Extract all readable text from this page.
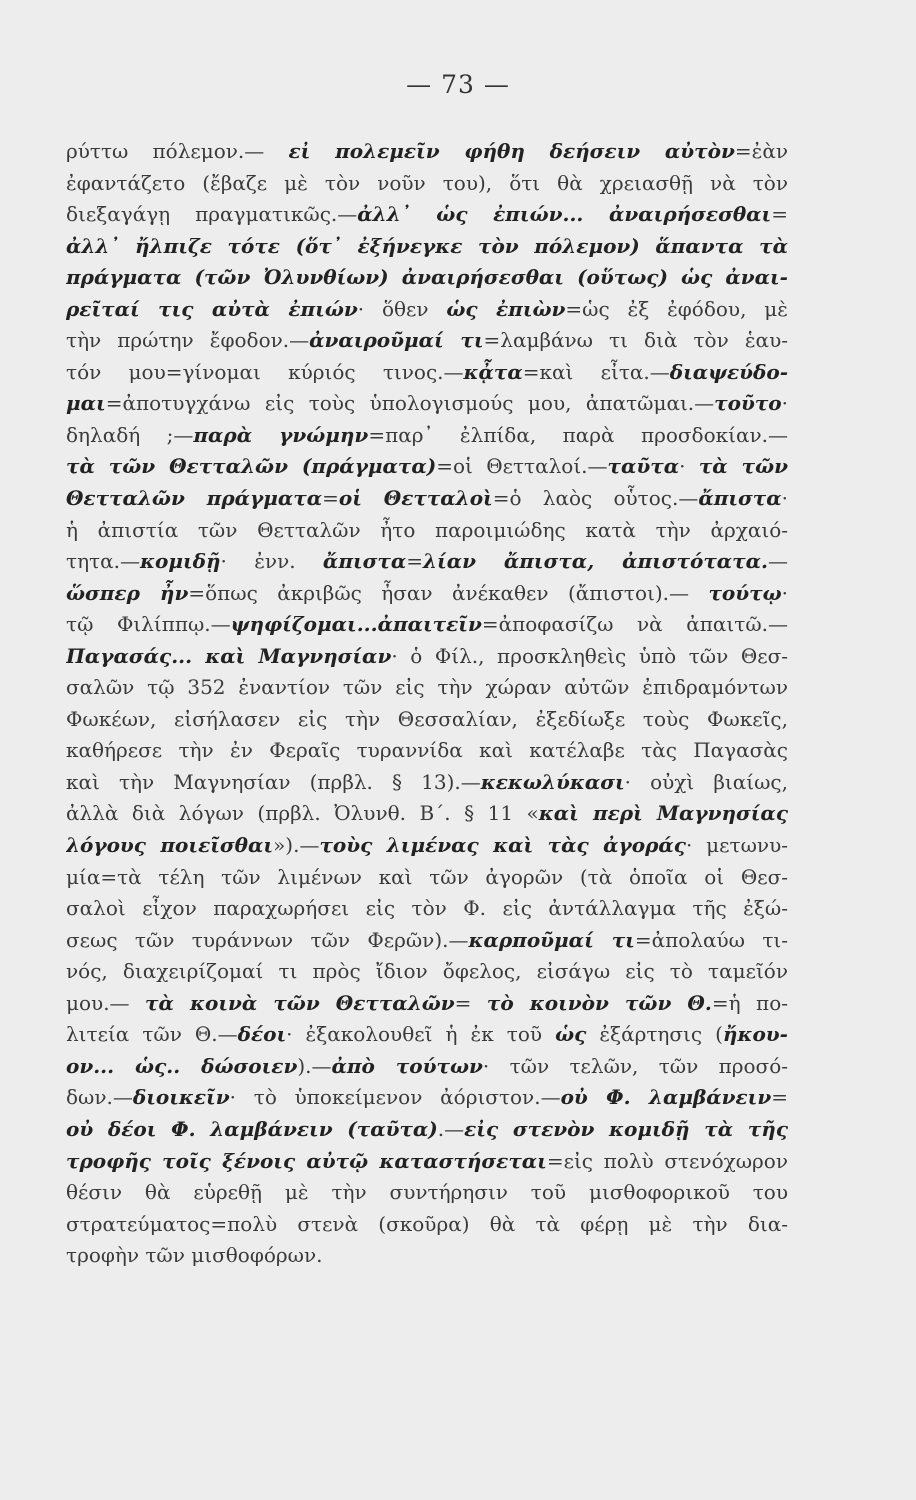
— 73 —
ρύττω πόλεμον.— εἰ πολεμεῖν φήθη δεήσειν αὐτὸν=ἐὰν
ἐφαντάζετο (ἔβαζε μὲ τὸν νοῦν του), ὅτι θὰ χρειασθῇ νὰ τὸν
διεξαγάγῃ πραγματικῶς.—ἀλλ᾽ ὡς ἐπιών... ἀναιρήσεσθαι=
ἀλλ᾽ ἤλπιζε τότε (ὅτ᾽ ἐξήνεγκε τὸν πόλεμον) ἅπαντα τὰ
πράγματα (τῶν Ὀλυνθίων) ἀναιρήσεσθαι (οὕτως) ὡς ἀναι-
ρεῖταί τις αὐτὰ ἐπιών· ὅθεν ὡς ἐπιὼν=ὡς ἐξ ἐφόδου, μὲ
τὴν πρώτην ἔφοδον.—ἀναιροῦμαί τι=λαμβάνω τι διὰ τὸν ἑαυ-
τόν μου=γίνομαι κύριός τινος.—κᾆτα=καὶ εἶτα.—διαψεύδο-
μαι=ἀποτυγχάνω εἰς τοὺς ὑπολογισμούς μου, ἀπατῶμαι.—τοῦτο·
δηλαδή ;—παρὰ γνώμην=παρ᾽ ἐλπίδα, παρὰ προσδοκίαν.—
τὰ τῶν Θετταλῶν (πράγματα)=οἱ Θετταλοί.—ταῦτα· τὰ τῶν
Θετταλῶν πράγματα=οἱ Θετταλοὶ=ὁ λαὸς οὗτος.—ἄπιστα·
ἡ ἀπιστία τῶν Θετταλῶν ἦτο παροιμιώδης κατὰ τὴν ἀρχαιό-
τητα.—κομιδῇ· ἐνν. ἄπιστα=λίαν ἄπιστα, ἀπιστότατα.—
ὥσπερ ἦν=ὅπως ἀκριβῶς ἦσαν ἀνέκαθεν (ἄπιστοι).— τούτῳ·
τῷ Φιλίππῳ.—ψηφίζομαι...ἀπαιτεῖν=ἀποφασίζω νὰ ἀπαιτῶ.—
Παγασάς... καὶ Μαγνησίαν· ὁ Φίλ., προσκληθεὶς ὑπὸ τῶν Θεσ-
σαλῶν τῷ 352 ἐναντίον τῶν εἰς τὴν χώραν αὐτῶν ἐπιδραμόντων
Φωκέων, εἰσήλασεν εἰς τὴν Θεσσαλίαν, ἐξεδίωξε τοὺς Φωκεῖς,
καθήρεσε τὴν ἐν Φεραῖς τυραννίδα καὶ κατέλαβε τὰς Παγασὰς
καὶ τὴν Μαγνησίαν (πρβλ. § 13).—κεκωλύκασι· οὐχὶ βιαίως,
ἀλλὰ διὰ λόγων (πρβλ. Ὀλυνθ. Β΄. § 11 «καὶ περὶ Μαγνησίας
λόγους ποιεῖσθαι»).—τοὺς λιμένας καὶ τὰς ἀγοράς· μετωνυ-
μία=τὰ τέλη τῶν λιμένων καὶ τῶν ἀγορῶν (τὰ ὁποῖα οἱ Θεσ-
σαλοὶ εἶχον παραχωρήσει εἰς τὸν Φ. εἰς ἀντάλλαγμα τῆς ἐξώ-
σεως τῶν τυράννων τῶν Φερῶν).—καρποῦμαί τι=ἀπολαύω τι-
νός, διαχειρίζομαί τι πρὸς ἴδιον ὄφελος, εἰσάγω εἰς τὸ ταμεῖόν
μου.— τὰ κοινὰ τῶν Θετταλῶν= τὸ κοινὸν τῶν Θ.=ἡ πο-
λιτεία τῶν Θ.—δέοι· ἐξακολουθεῖ ἡ ἐκ τοῦ ὡς ἐξάρτησις (ἤκου-
ον... ὡς.. δώσοιεν).—ἀπὸ τούτων· τῶν τελῶν, τῶν προσό-
δων.—διοικεῖν· τὸ ὑποκείμενον ἀόριστον.—οὐ Φ. λαμβάνειν=
οὐ δέοι Φ. λαμβάνειν (ταῦτα).—εἰς στενὸν κομιδῇ τὰ τῆς
τροφῆς τοῖς ξένοις αὐτῷ καταστήσεται=εἰς πολὺ στενόχωρον
θέσιν θὰ εὑρεθῇ μὲ τὴν συντήρησιν τοῦ μισθοφορικοῦ του
στρατεύματος=πολὺ στενὰ (σκοῦρα) θὰ τὰ φέρῃ μὲ τὴν δια-
τροφὴν τῶν μισθοφόρων.
